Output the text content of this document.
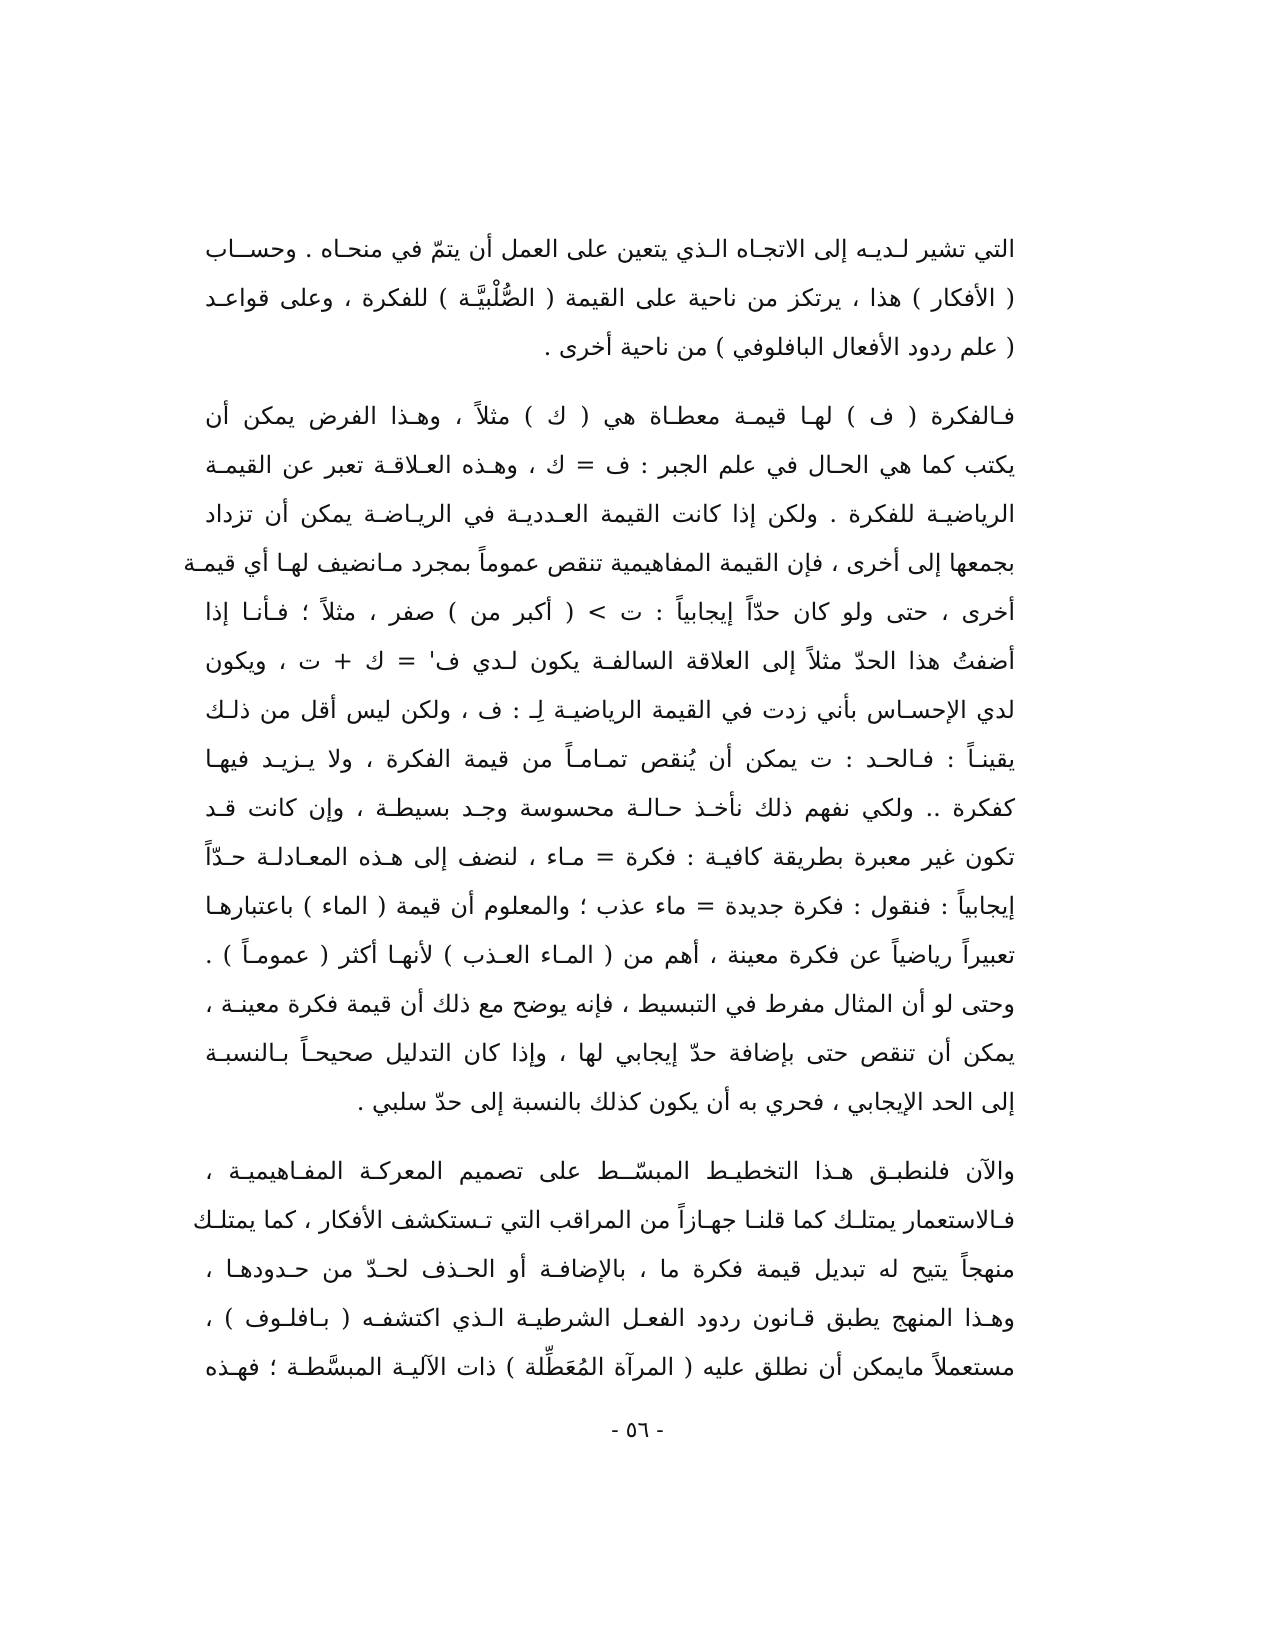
التي تشير لـديـه إلى الاتجـاه الـذي يتعين على العمل أن يتمّ في منحـاه . وحســاب
( الأفكار ) هذا ، يرتكز من ناحية على القيمة ( الصُّلْبيَّـة ) للفكرة ، وعلى قواعـد
( علم ردود الأفعال البافلوفي ) من ناحية أخرى .

فـالفكرة ( ف ) لهـا قيمـة معطـاة هي ( ك ) مثلاً ، وهـذا الفرض يمكن أن
يكتب كما هي الحـال في علم الجبر : ف = ك ، وهـذه العـلاقـة تعبر عن القيمـة
الرياضيـة للفكرة . ولكن إذا كانت القيمة العـدديـة في الريـاضـة يمكن أن تزداد
بجمعها إلى أخرى ، فإن القيمة المفاهيمية تنقص عموماً بمجرد مـانضيف لهـا أي قيمـة
أخرى ، حتى ولو كان حدّاً إيجابياً : ت > ( أكبر من ) صفر ، مثلاً ؛ فـأنـا إذا
أضفتُ هذا الحدّ مثلاً إلى العلاقة السالفـة يكون لـدي ف' = ك + ت ، ويكون
لدي الإحسـاس بأني زدت في القيمة الرياضيـة لِـ : ف ، ولكن ليس أقل من ذلـك
يقينـاً : فـالحـد : ت يمكن أن يُنقص تمـامـاً من قيمة الفكرة ، ولا يـزيـد فيهـا
كفكرة .. ولكي نفهم ذلك نأخـذ حـالـة محسوسة وجـد بسيطـة ، وإن كانت قـد
تكون غير معبرة بطريقة كافيـة : فكرة = مـاء ، لنضف إلى هـذه المعـادلـة حـدّاً
إيجابياً : فنقول : فكرة جديدة = ماء عذب ؛ والمعلوم أن قيمة ( الماء ) باعتبارهـا
تعبيراً رياضياً عن فكرة معينة ، أهم من ( المـاء العـذب ) لأنهـا أكثر ( عمومـاً ) .
وحتى لو أن المثال مفرط في التبسيط ، فإنه يوضح مع ذلك أن قيمة فكرة معينـة ،
يمكن أن تنقص حتى بإضافة حدّ إيجابي لها ، وإذا كان التدليل صحيحـاً بـالنسبـة
إلى الحد الإيجابي ، فحري به أن يكون كذلك بالنسبة إلى حدّ سلبي .

والآن فلنطبـق هـذا التخطيـط المبسّــط على تصميم المعركـة المفـاهيميـة ،
فـالاستعمار يمتلـك كما قلنـا جهـازاً من المراقب التي تـستكشف الأفكار ، كما يمتلـك
منهجاً يتيح له تبديل قيمة فكرة ما ، بالإضافـة أو الحـذف لحـدّ من حـدودهـا ،
وهـذا المنهج يطبق قـانون ردود الفعـل الشرطيـة الـذي اكتشفـه ( بـافلـوف ) ،
مستعملاً مايمكن أن نطلق عليه ( المرآة المُعَطِّلة ) ذات الآليـة المبسَّطـة ؛ فهـذه

- ٥٦ -
